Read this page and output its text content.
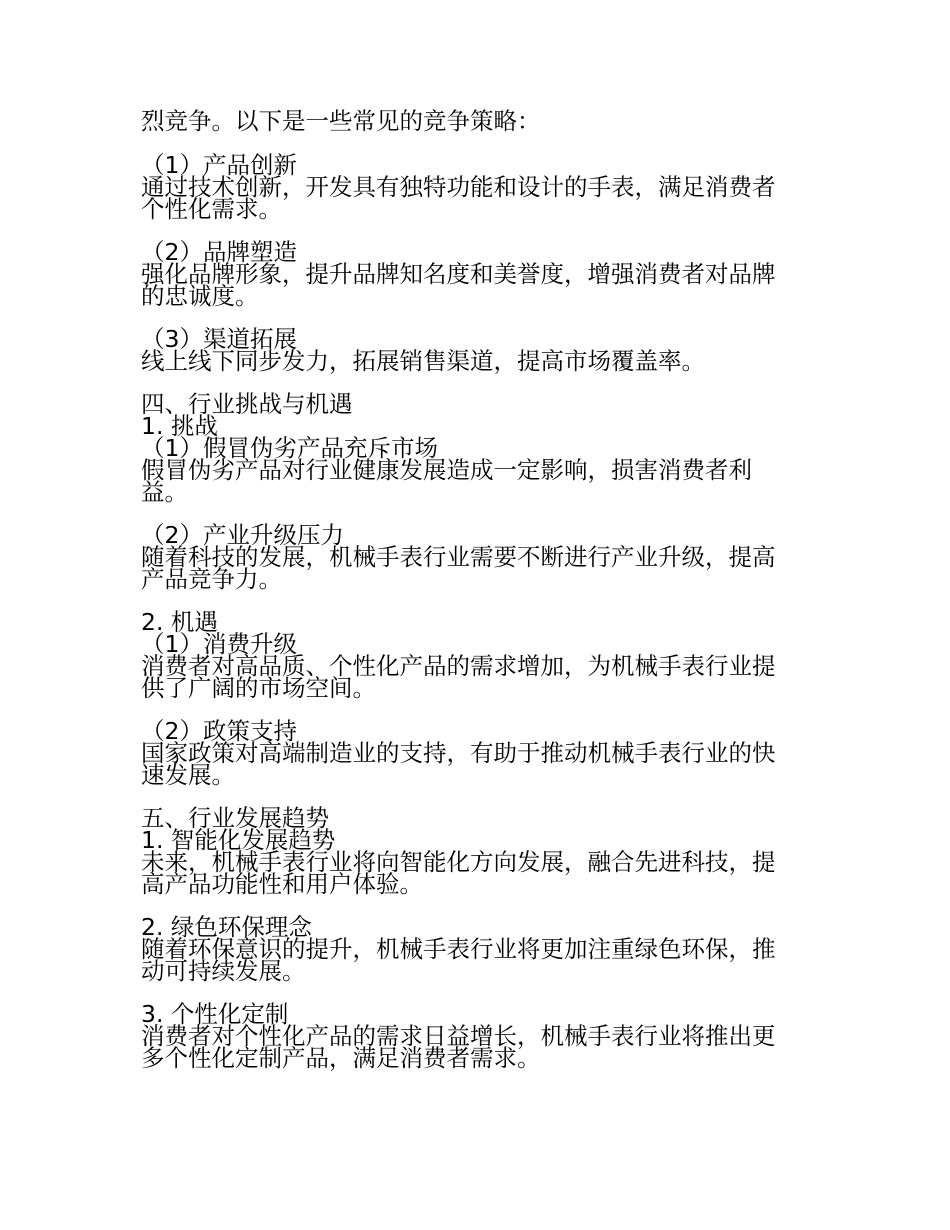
烈竞争。以下是一些常见的竞争策略：
（1）产品创新
通过技术创新，开发具有独特功能和设计的手表，满足消费者
个性化需求。
（2）品牌塑造
强化品牌形象，提升品牌知名度和美誉度，增强消费者对品牌
的忠诚度。
（3）渠道拓展
线上线下同步发力，拓展销售渠道，提高市场覆盖率。
四、行业挑战与机遇
1. 挑战
（1）假冒伪劣产品充斥市场
假冒伪劣产品对行业健康发展造成一定影响，损害消费者利
益。
（2）产业升级压力
随着科技的发展，机械手表行业需要不断进行产业升级，提高
产品竞争力。
2. 机遇
（1）消费升级
消费者对高品质、个性化产品的需求增加，为机械手表行业提
供了广阔的市场空间。
（2）政策支持
国家政策对高端制造业的支持，有助于推动机械手表行业的快
速发展。
五、行业发展趋势
1. 智能化发展趋势
未来，机械手表行业将向智能化方向发展，融合先进科技，提
高产品功能性和用户体验。
2. 绿色环保理念
随着环保意识的提升，机械手表行业将更加注重绿色环保，推
动可持续发展。
3. 个性化定制
消费者对个性化产品的需求日益增长，机械手表行业将推出更
多个性化定制产品，满足消费者需求。
